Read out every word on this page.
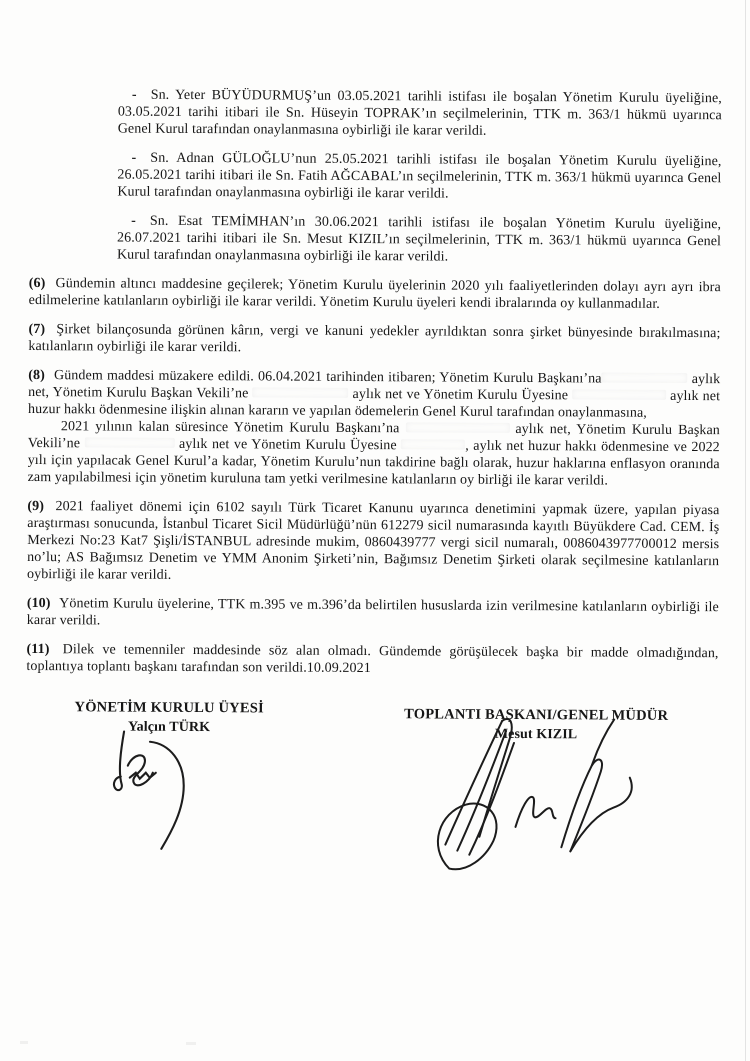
- Sn. Yeter BÜYÜDURMUŞ’un 03.05.2021 tarihli istifası ile boşalan Yönetim Kurulu üyeliğine, 03.05.2021 tarihi itibari ile Sn. Hüseyin TOPRAK’ın seçilmelerinin, TTK m. 363/1 hükmü uyarınca Genel Kurul tarafından onaylanmasına oybirliği ile karar verildi.
- Sn. Adnan GÜLOĞLU’nun 25.05.2021 tarihli istifası ile boşalan Yönetim Kurulu üyeliğine, 26.05.2021 tarihi itibari ile Sn. Fatih AĞCABAL’ın seçilmelerinin, TTK m. 363/1 hükmü uyarınca Genel Kurul tarafından onaylanmasına oybirliği ile karar verildi.
- Sn. Esat TEMİMHAN’ın 30.06.2021 tarihli istifası ile boşalan Yönetim Kurulu üyeliğine, 26.07.2021 tarihi itibari ile Sn. Mesut KIZIL’ın seçilmelerinin, TTK m. 363/1 hükmü uyarınca Genel Kurul tarafından onaylanmasına oybirliği ile karar verildi.
(6) Gündemin altıncı maddesine geçilerek; Yönetim Kurulu üyelerinin 2020 yılı faaliyetlerinden dolayı ayrı ayrı ibra edilmelerine katılanların oybirliği ile karar verildi. Yönetim Kurulu üyeleri kendi ibralarında oy kullanmadılar.
(7) Şirket bilançosunda görünen kârın, vergi ve kanuni yedekler ayrıldıktan sonra şirket bünyesinde bırakılmasına; katılanların oybirliği ile karar verildi.
(8) Gündem maddesi müzakere edildi. 06.04.2021 tarihinden itibaren; Yönetim Kurulu Başkanı’na	aylık net, Yönetim Kurulu Başkan Vekili’ne	aylık net ve Yönetim Kurulu Üyesine	aylık net huzur hakkı ödenmesine ilişkin alınan kararın ve yapılan ödemelerin Genel Kurul tarafından onaylanmasına,
2021 yılının kalan süresince Yönetim Kurulu Başkanı’na	aylık net, Yönetim Kurulu Başkan Vekili’ne	aylık net ve Yönetim Kurulu Üyesine	, aylık net huzur hakkı ödenmesine ve 2022 yılı için yapılacak Genel Kurul’a kadar, Yönetim Kurulu’nun takdirine bağlı olarak, huzur haklarına enflasyon oranında zam yapılabilmesi için yönetim kuruluna tam yetki verilmesine katılanların oy birliği ile karar verildi.
(9) 2021 faaliyet dönemi için 6102 sayılı Türk Ticaret Kanunu uyarınca denetimini yapmak üzere, yapılan piyasa araştırması sonucunda, İstanbul Ticaret Sicil Müdürlüğü’nün 612279 sicil numarasında kayıtlı Büyükdere Cad. CEM. İş Merkezi No:23 Kat7 Şişli/İSTANBUL adresinde mukim, 0860439777 vergi sicil numaralı, 0086043977700012 mersis no’lu; AS Bağımsız Denetim ve YMM Anonim Şirketi’nin, Bağımsız Denetim Şirketi olarak seçilmesine katılanların oybirliği ile karar verildi.
(10) Yönetim Kurulu üyelerine, TTK m.395 ve m.396’da belirtilen hususlarda izin verilmesine katılanların oybirliği ile karar verildi.
(11) Dilek ve temenniler maddesinde söz alan olmadı. Gündemde görüşülecek başka bir madde olmadığından, toplantıya toplantı başkanı tarafından son verildi.10.09.2021
YÖNETİM KURULU ÜYESİ
Yalçın TÜRK
TOPLANTI BAŞKANI/GENEL MÜDÜR
Mesut KIZIL
